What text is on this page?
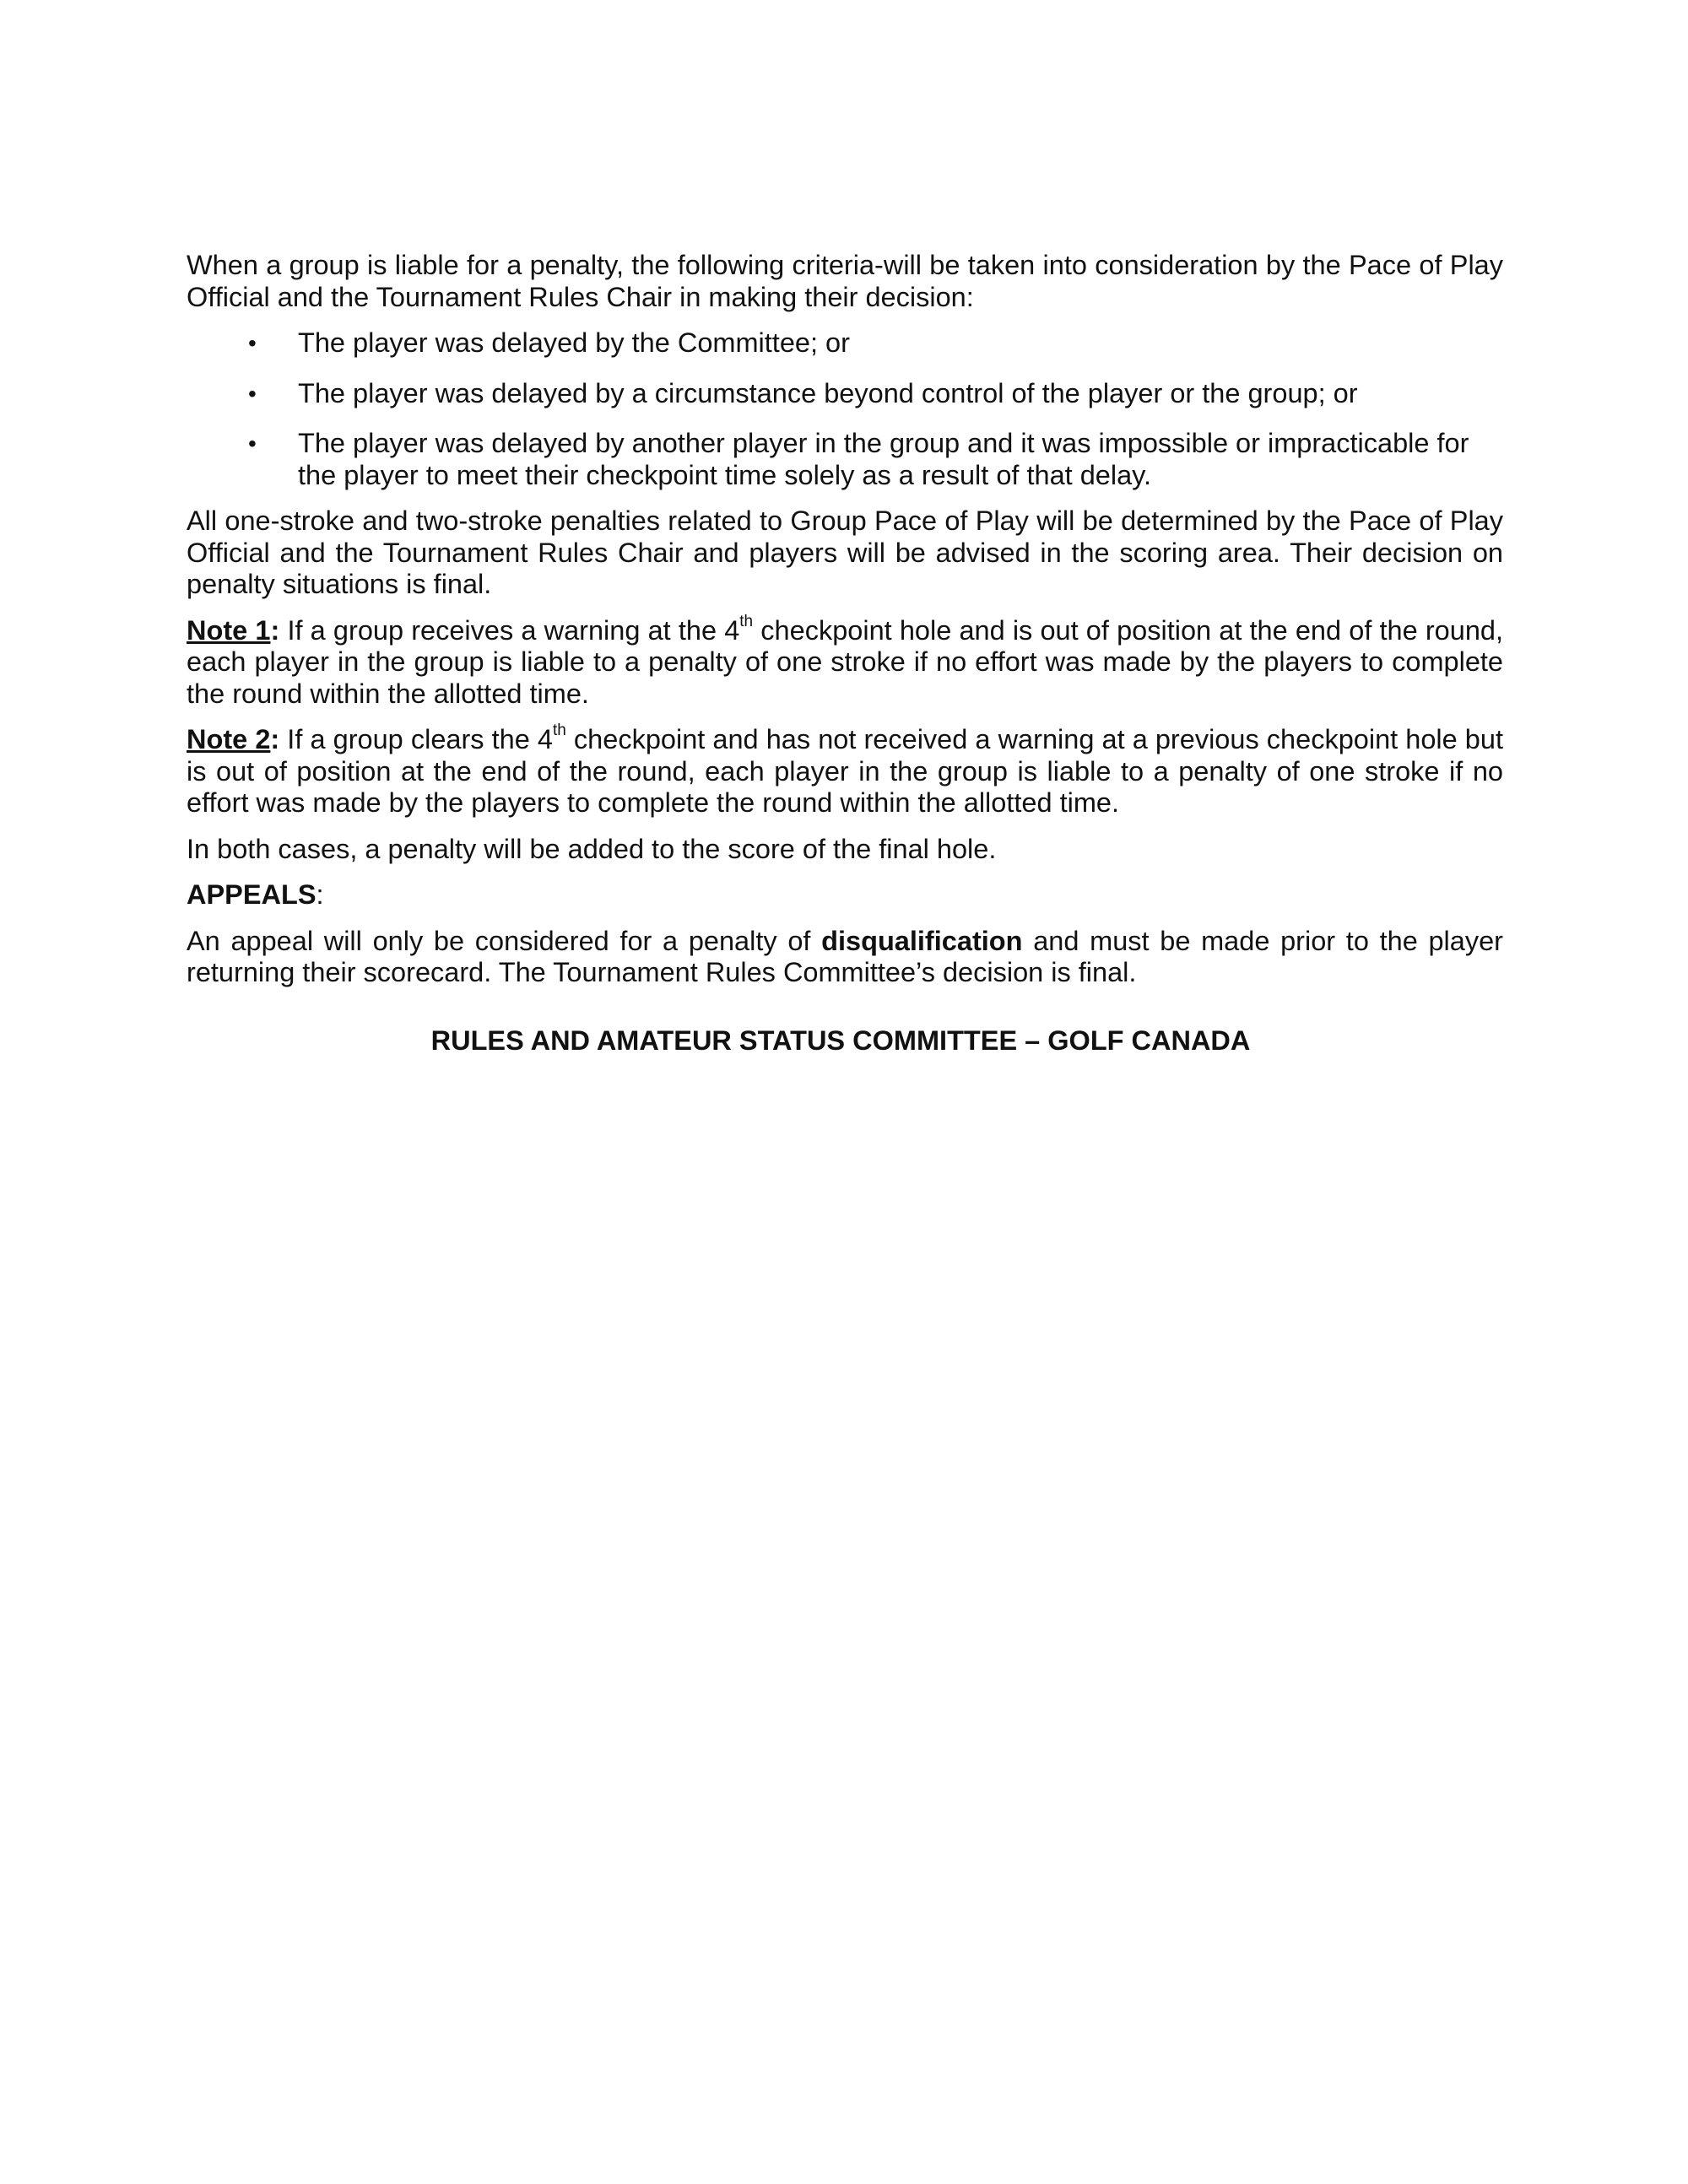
When a group is liable for a penalty, the following criteria-will be taken into consideration by the Pace of Play Official and the Tournament Rules Chair in making their decision:

• The player was delayed by the Committee; or
• The player was delayed by a circumstance beyond control of the player or the group; or
• The player was delayed by another player in the group and it was impossible or impracticable for the player to meet their checkpoint time solely as a result of that delay.

All one-stroke and two-stroke penalties related to Group Pace of Play will be determined by the Pace of Play Official and the Tournament Rules Chair and players will be advised in the scoring area. Their decision on penalty situations is final.

Note 1: If a group receives a warning at the 4th checkpoint hole and is out of position at the end of the round, each player in the group is liable to a penalty of one stroke if no effort was made by the players to complete the round within the allotted time.

Note 2: If a group clears the 4th checkpoint and has not received a warning at a previous checkpoint hole but is out of position at the end of the round, each player in the group is liable to a penalty of one stroke if no effort was made by the players to complete the round within the allotted time.

In both cases, a penalty will be added to the score of the final hole.

APPEALS:

An appeal will only be considered for a penalty of disqualification and must be made prior to the player returning their scorecard. The Tournament Rules Committee’s decision is final.

RULES AND AMATEUR STATUS COMMITTEE – GOLF CANADA
